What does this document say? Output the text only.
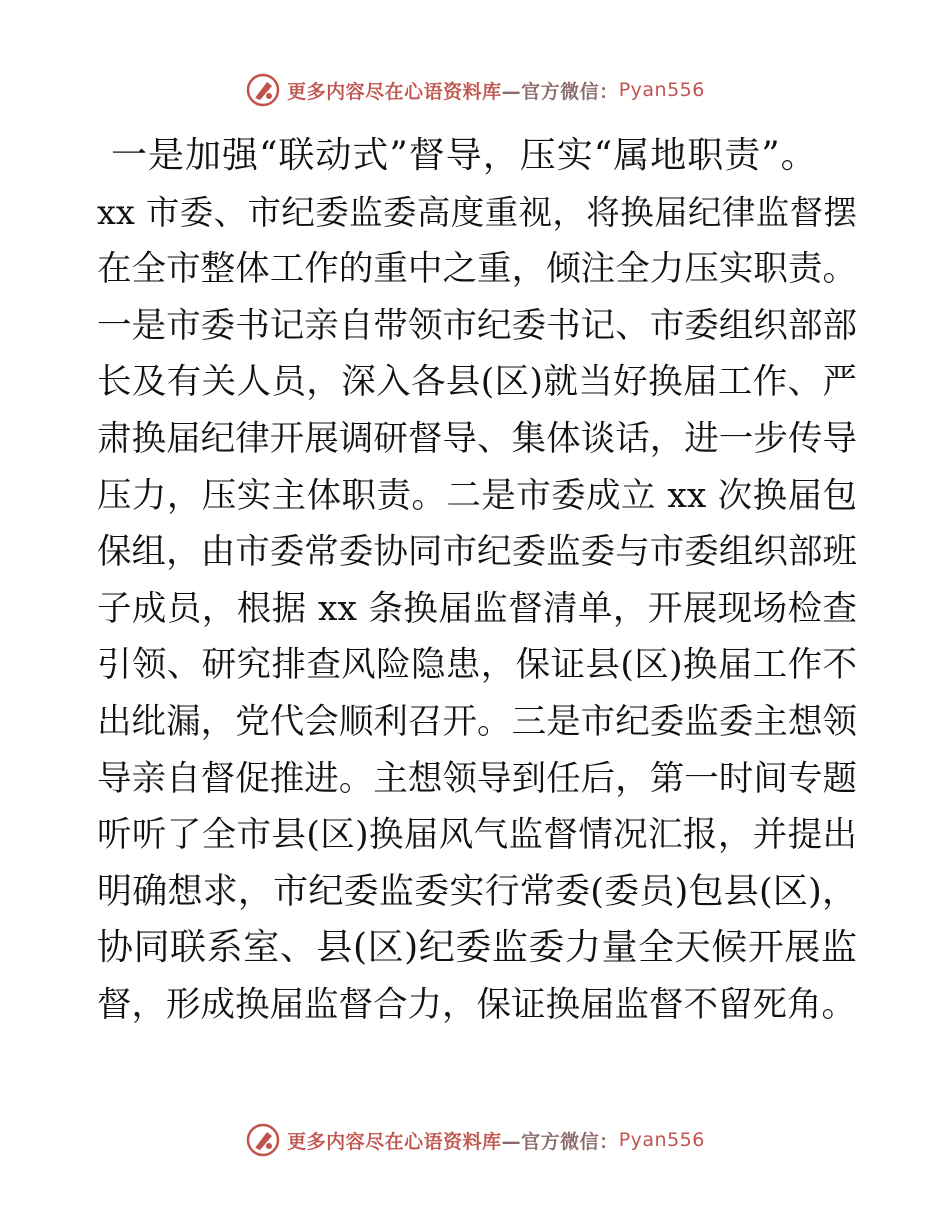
更多内容尽在心语资料库 —官方微信： Pyan556
一是加强“联动式”督导，压实“属地职责”。
xx 市委、市纪委监委高度重视，将换届纪律监督摆
在全市整体工作的重中之重，倾注全力压实职责。
一是市委书记亲自带领市纪委书记、市委组织部部
长及有关人员，深入各县(区)就当好换届工作、严
肃换届纪律开展调研督导、集体谈话，进一步传导
压力，压实主体职责。二是市委成立 xx 次换届包
保组，由市委常委协同市纪委监委与市委组织部班
子成员，根据 xx 条换届监督清单，开展现场检查
引领、研究排查风险隐患，保证县(区)换届工作不
出纰漏，党代会顺利召开。三是市纪委监委主想领
导亲自督促推进。主想领导到任后，第一时间专题
听听了全市县(区)换届风气监督情况汇报，并提出
明确想求，市纪委监委实行常委(委员)包县(区)，
协同联系室、县(区)纪委监委力量全天候开展监
督，形成换届监督合力，保证换届监督不留死角。
更多内容尽在心语资料库 —官方微信： Pyan556
